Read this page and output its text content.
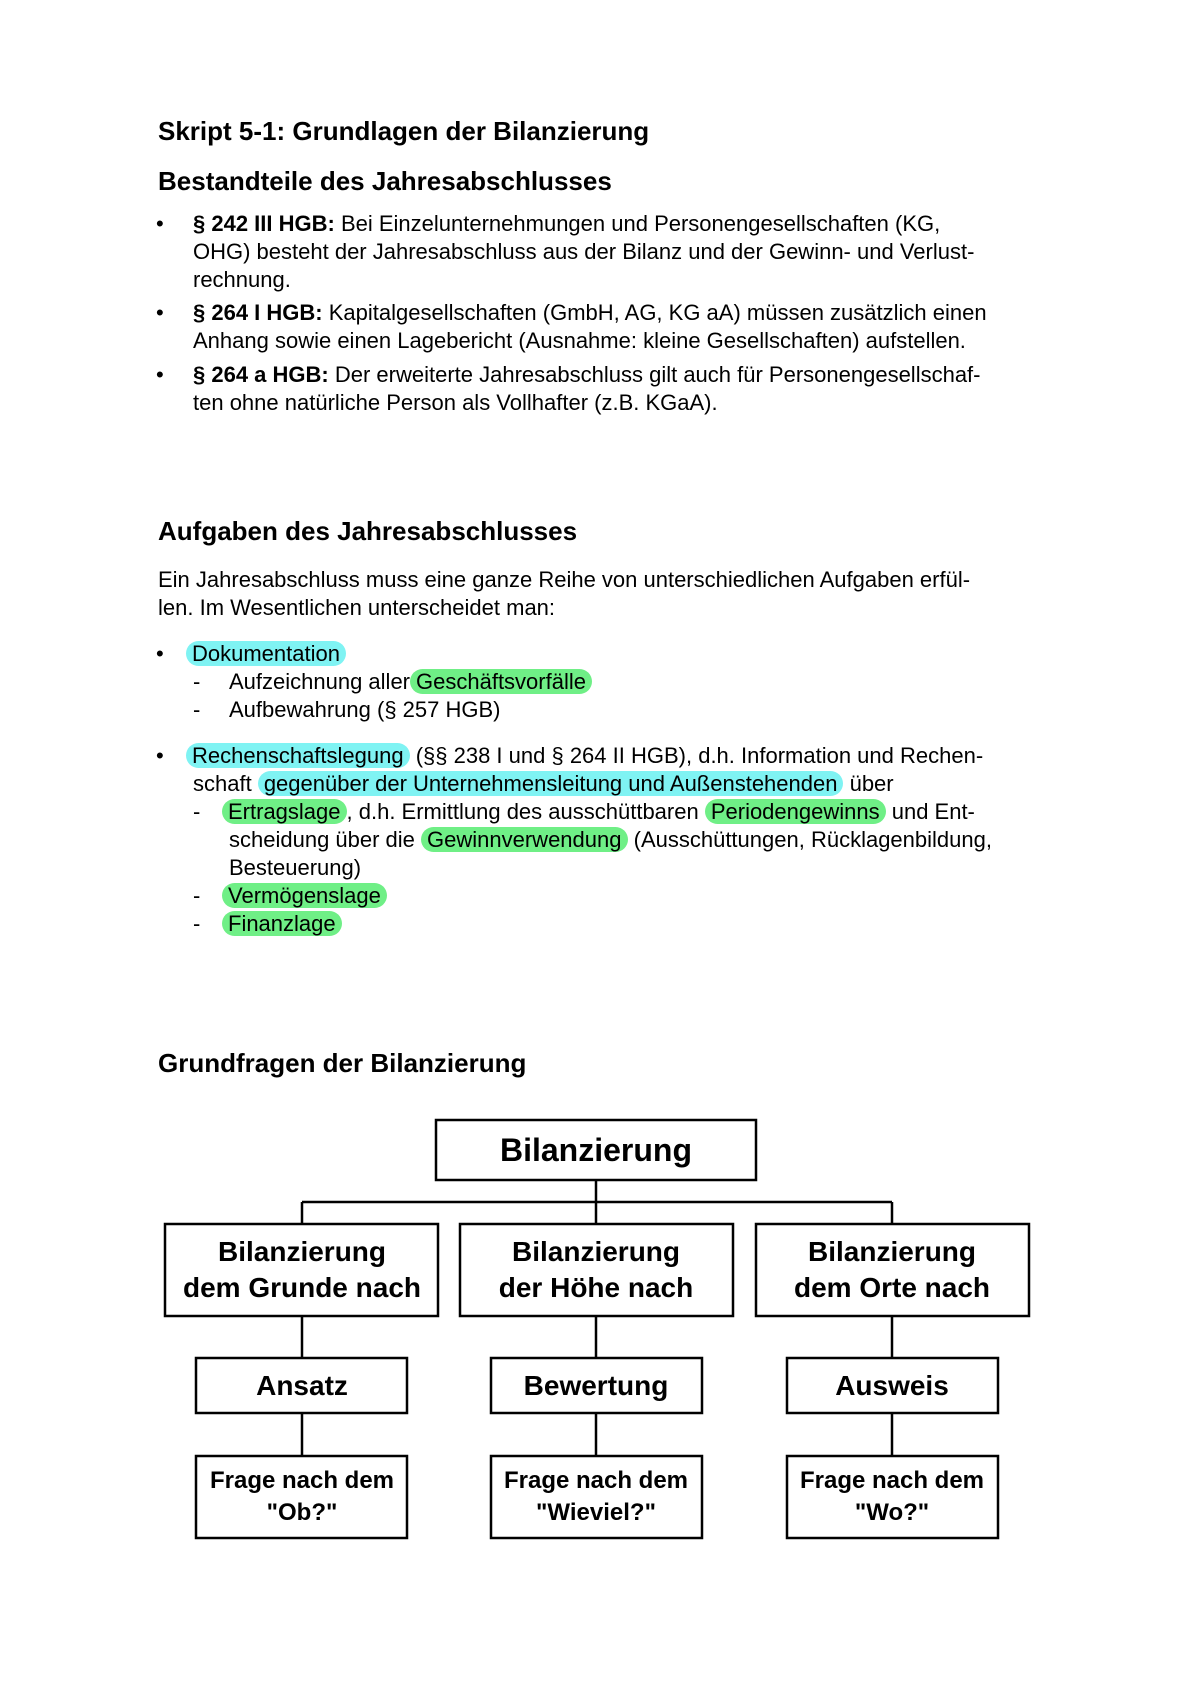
Skript 5-1: Grundlagen der Bilanzierung
Bestandteile des Jahresabschlusses
• § 242 III HGB: Bei Einzelunternehmungen und Personengesellschaften (KG,
OHG) besteht der Jahresabschluss aus der Bilanz und der Gewinn- und Verlust-
rechnung.
• § 264 I HGB: Kapitalgesellschaften (GmbH, AG, KG aA) müssen zusätzlich einen
Anhang sowie einen Lagebericht (Ausnahme: kleine Gesellschaften) aufstellen.
• § 264 a HGB: Der erweiterte Jahresabschluss gilt auch für Personengesellschaf-
ten ohne natürliche Person als Vollhafter (z.B. KGaA).
Aufgaben des Jahresabschlusses
Ein Jahresabschluss muss eine ganze Reihe von unterschiedlichen Aufgaben erfül-
len. Im Wesentlichen unterscheidet man:
• Dokumentation
- Aufzeichnung aller Geschäftsvorfälle
- Aufbewahrung (§ 257 HGB)
• Rechenschaftslegung (§§ 238 I und § 264 II HGB), d.h. Information und Rechen-
schaft gegenüber der Unternehmensleitung und Außenstehenden über
- Ertragslage , d.h. Ermittlung des ausschüttbaren Periodengewinns und Ent-
scheidung über die Gewinnverwendung (Ausschüttungen, Rücklagenbildung,
Besteuerung)
- Vermögenslage
- Finanzlage
Grundfragen der Bilanzierung
Bilanzierung
Bilanzierung
dem Grunde nach
Bilanzierung
der Höhe nach
Bilanzierung
dem Orte nach
Ansatz	Bewertung	Ausweis
Frage nach dem
"Ob?"
Frage nach dem
"Wieviel?"
Frage nach dem
"Wo?"
